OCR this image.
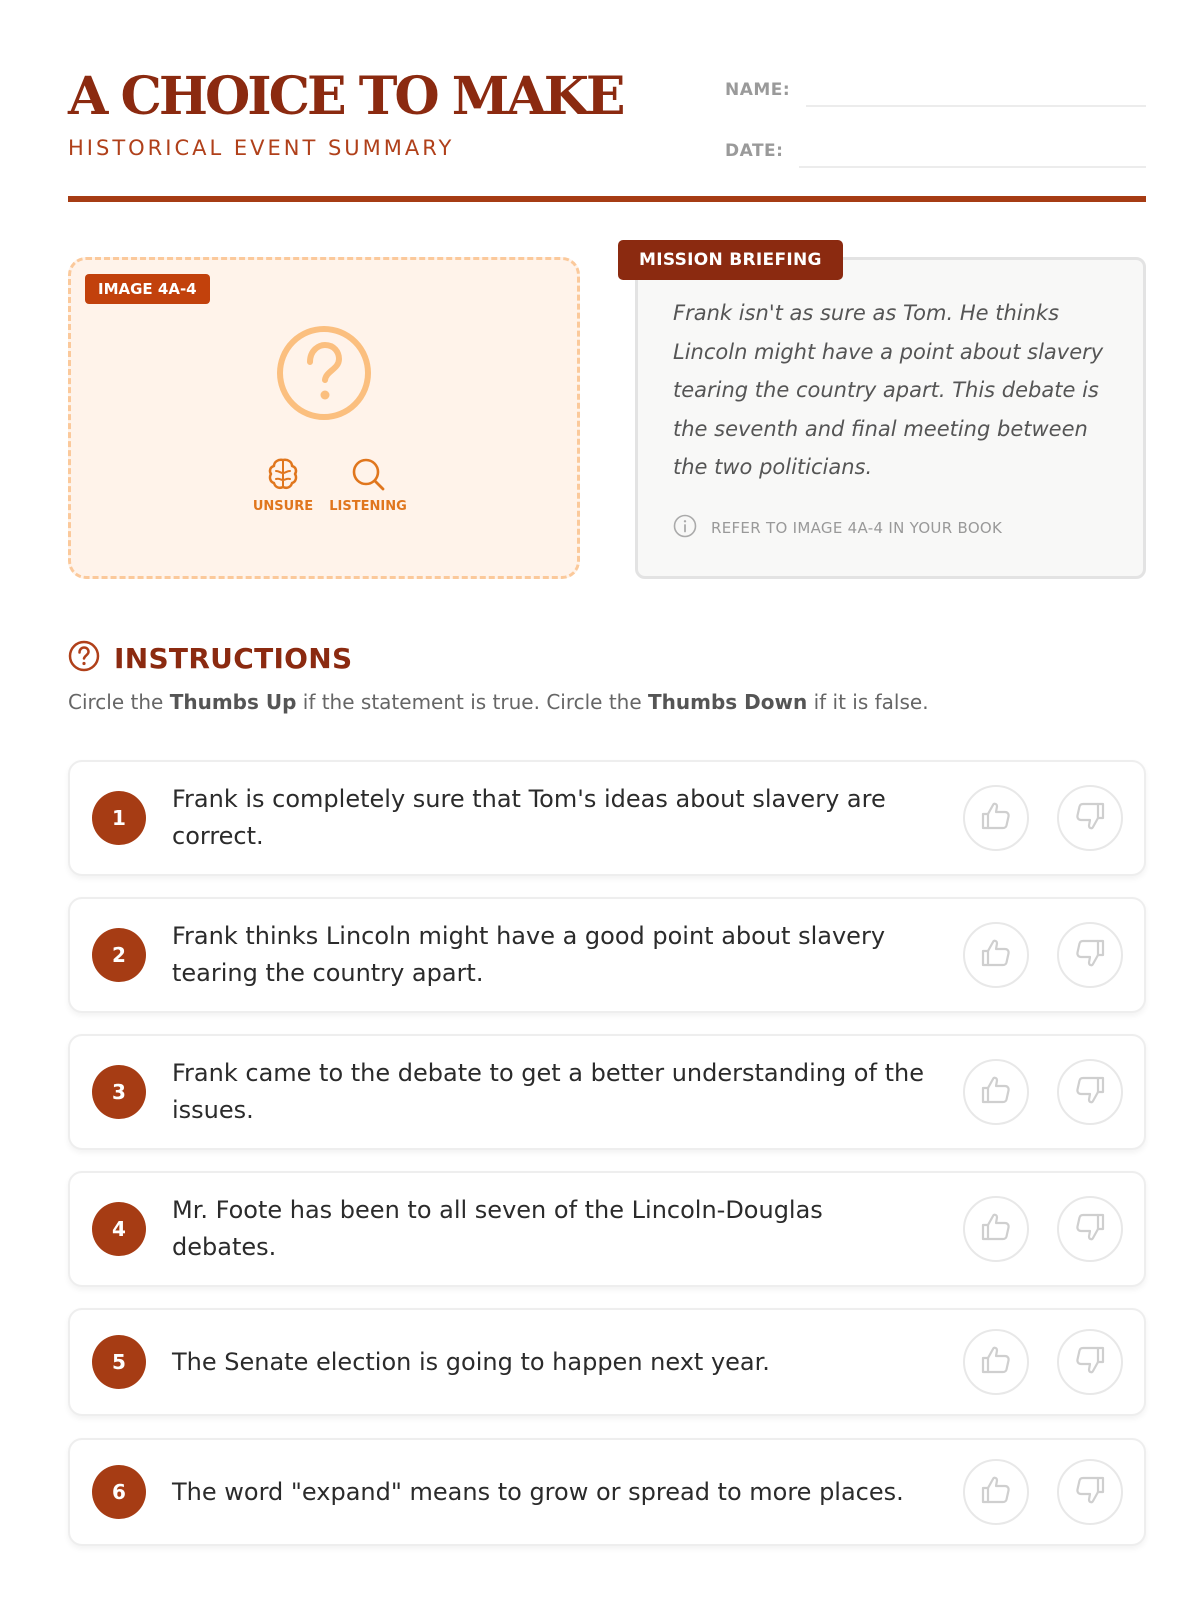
A CHOICE TO MAKE
HISTORICAL EVENT SUMMARY
NAME:
DATE:
IMAGE 4A-4
UNSURE	LISTENING
MISSION BRIEFING
Frank isn't as sure as Tom. He thinks Lincoln might have a point about slavery tearing the country apart. This debate is the seventh and final meeting between the two politicians.
REFER TO IMAGE 4A-4 IN YOUR BOOK
INSTRUCTIONS
Circle the Thumbs Up if the statement is true. Circle the Thumbs Down if it is false.
1
Frank is completely sure that Tom's ideas about slavery are correct.
2
Frank thinks Lincoln might have a good point about slavery tearing the country apart.
3
Frank came to the debate to get a better understanding of the issues.
4
Mr. Foote has been to all seven of the Lincoln-Douglas debates.
5	The Senate election is going to happen next year.
6	The word "expand" means to grow or spread to more places.
